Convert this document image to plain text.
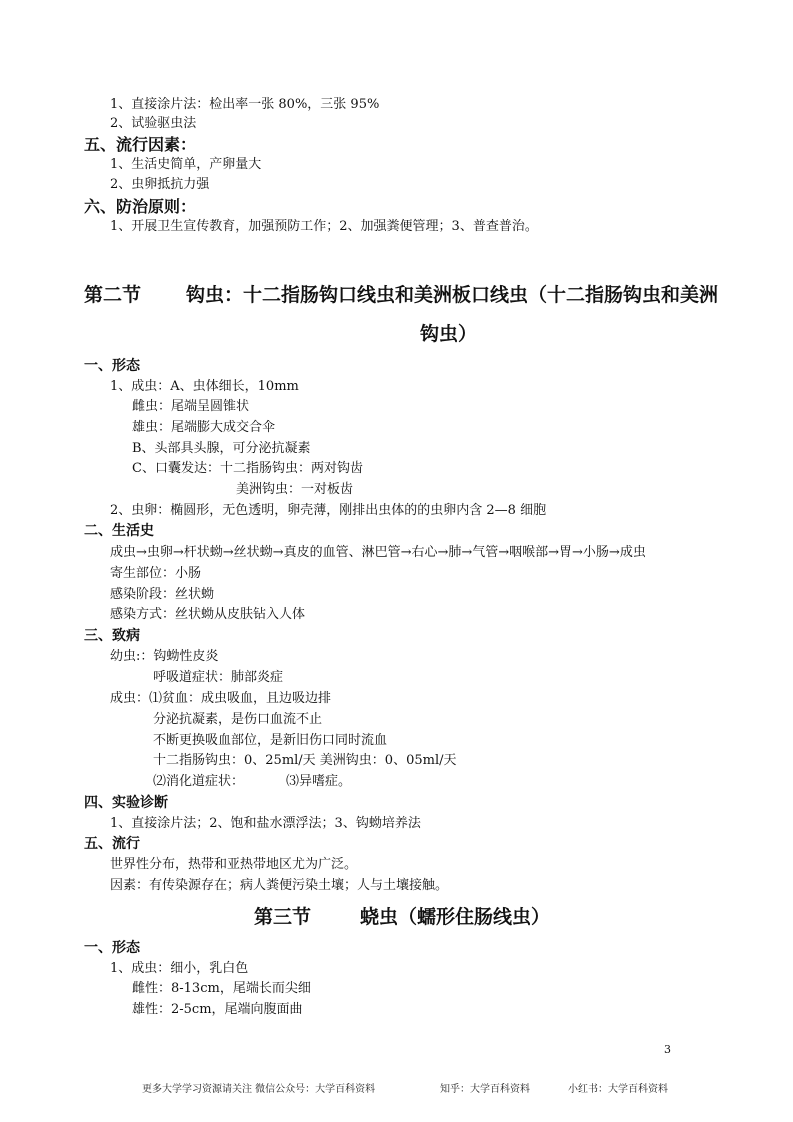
1、直接涂片法：检出率一张 80%，三张 95%
2、试验驱虫法
五、流行因素：
1、生活史简单，产卵量大
2、虫卵抵抗力强
六、防治原则：
1、开展卫生宣传教育，加强预防工作；2、加强粪便管理；3、普查普治。
第二节 钩虫：十二指肠钩口线虫和美洲板口线虫（十二指肠钩虫和美洲
钩虫）
一、形态
1、成虫：A、虫体细长，10mm
雌虫：尾端呈圆锥状
雄虫：尾端膨大成交合伞
B、头部具头腺，可分泌抗凝素
C、口囊发达：十二指肠钩虫：两对钩齿
美洲钩虫：一对板齿
2、虫卵：椭圆形，无色透明，卵壳薄，刚排出虫体的的虫卵内含 2—8 细胞
二、生活史
成虫→虫卵→杆状蚴→丝状蚴→真皮的血管、淋巴管→右心→肺→气管→咽喉部→胃→小肠→成虫
寄生部位：小肠
感染阶段：丝状蚴
感染方式：丝状蚴从皮肤钻入人体
三、致病
幼虫:：钩蚴性皮炎
呼吸道症状：肺部炎症
成虫：⑴贫血：成虫吸血，且边吸边排
分泌抗凝素，是伤口血流不止
不断更换吸血部位，是新旧伤口同时流血
十二指肠钩虫：0、25ml/天 美洲钩虫：0、05ml/天
⑵消化道症状：	⑶异嗜症。
四、实验诊断
1、直接涂片法；2、饱和盐水漂浮法；3、钩蚴培养法
五、流行
世界性分布，热带和亚热带地区尤为广泛。
因素：有传染源存在；病人粪便污染土壤；人与土壤接触。
第三节	蛲虫（蠕形住肠线虫）
一、形态
1、成虫：细小，乳白色
雌性：8-13cm，尾端长而尖细
雄性：2-5cm，尾端向腹面曲
3
更多大学学习资源请关注 微信公众号：大学百科资料	知乎：大学百科资料	小红书：大学百科资料
